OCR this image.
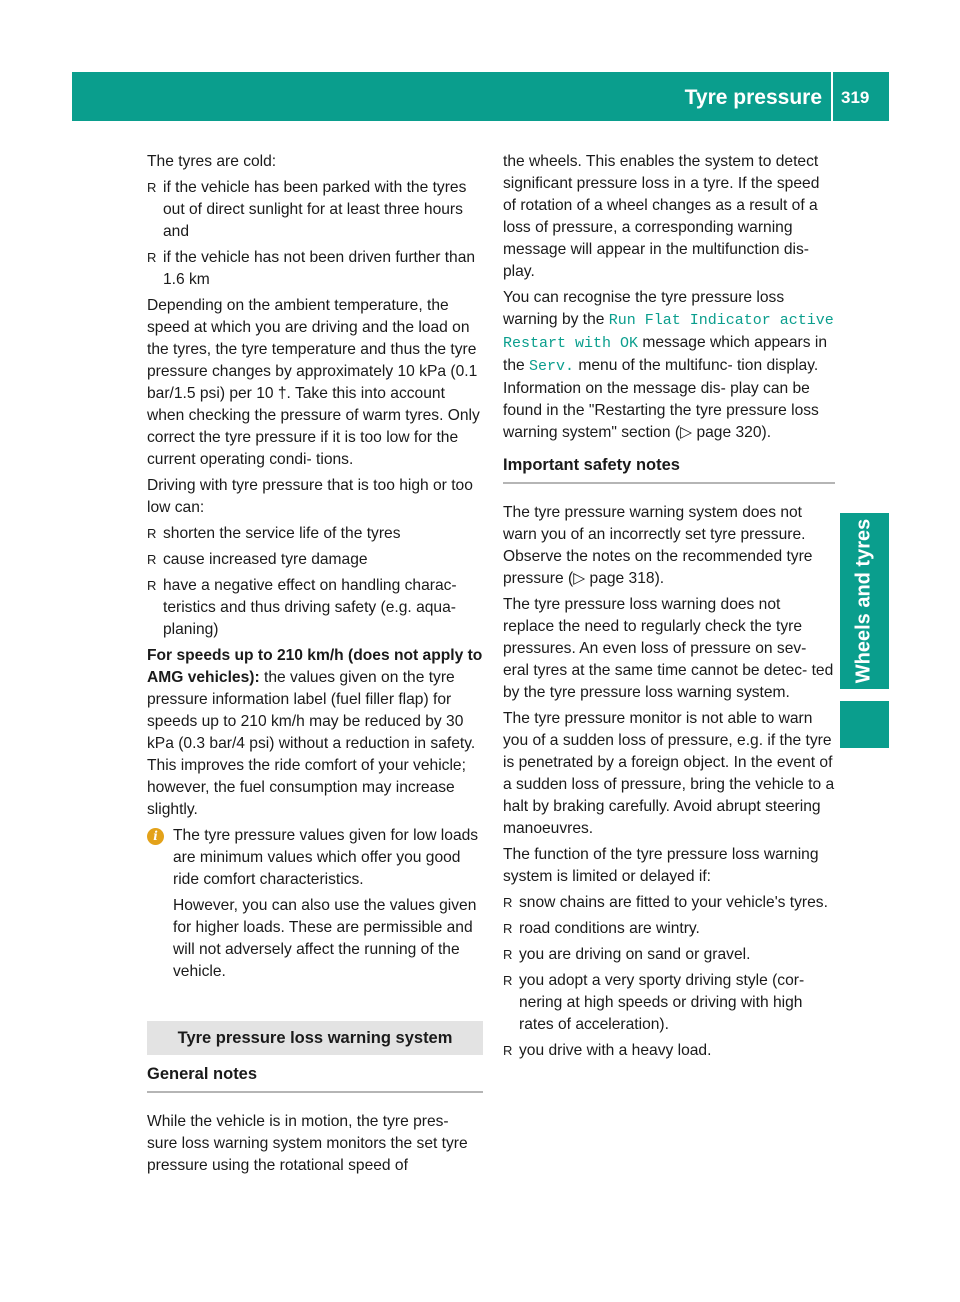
Tyre pressure 319
Wheels and tyres

The tyres are cold:

R if the vehicle has been parked with the tyres out of direct sunlight for at least three hours and
R if the vehicle has not been driven further than 1.6 km

Depending on the ambient temperature, the speed at which you are driving and the load on the tyres, the tyre temperature and thus the tyre pressure changes by approximately 10 kPa (0.1 bar/1.5 psi) per 10 †. Take this into account when checking the pressure of warm tyres. Only correct the tyre pressure if it is too low for the current operating condi- tions.

Driving with tyre pressure that is too high or too low can:

R shorten the service life of the tyres
R cause increased tyre damage
R have a negative effect on handling charac- teristics and thus driving safety (e.g. aqua- planing)

For speeds up to 210 km/h (does not apply to AMG vehicles): the values given on the tyre pressure information label (fuel filler flap) for speeds up to 210 km/h may be reduced by 30 kPa (0.3 bar/4 psi) without a reduction in safety. This improves the ride comfort of your vehicle; however, the fuel consumption may increase slightly.

i The tyre pressure values given for low loads are minimum values which offer you good ride comfort characteristics.

However, you can also use the values given for higher loads. These are permissible and will not adversely affect the running of the vehicle.

Tyre pressure loss warning system
General notes

While the vehicle is in motion, the tyre pres- sure loss warning system monitors the set tyre pressure using the rotational speed of

the wheels. This enables the system to detect significant pressure loss in a tyre. If the speed of rotation of a wheel changes as a result of a loss of pressure, a corresponding warning message will appear in the multifunction dis- play.

You can recognise the tyre pressure loss warning by the Run Flat Indicator active Restart with OK message which appears in the Serv. menu of the multifunc- tion display. Information on the message dis- play can be found in the "Restarting the tyre pressure loss warning system" section (▷ page 320).

Important safety notes

The tyre pressure warning system does not warn you of an incorrectly set tyre pressure. Observe the notes on the recommended tyre pressure (▷ page 318).

The tyre pressure loss warning does not replace the need to regularly check the tyre pressures. An even loss of pressure on sev- eral tyres at the same time cannot be detec- ted by the tyre pressure loss warning system.

The tyre pressure monitor is not able to warn you of a sudden loss of pressure, e.g. if the tyre is penetrated by a foreign object. In the event of a sudden loss of pressure, bring the vehicle to a halt by braking carefully. Avoid abrupt steering manoeuvres.

The function of the tyre pressure loss warning system is limited or delayed if:

R snow chains are fitted to your vehicle's tyres.
R road conditions are wintry.
R you are driving on sand or gravel.
R you adopt a very sporty driving style (cor- nering at high speeds or driving with high rates of acceleration).
R you drive with a heavy load.
